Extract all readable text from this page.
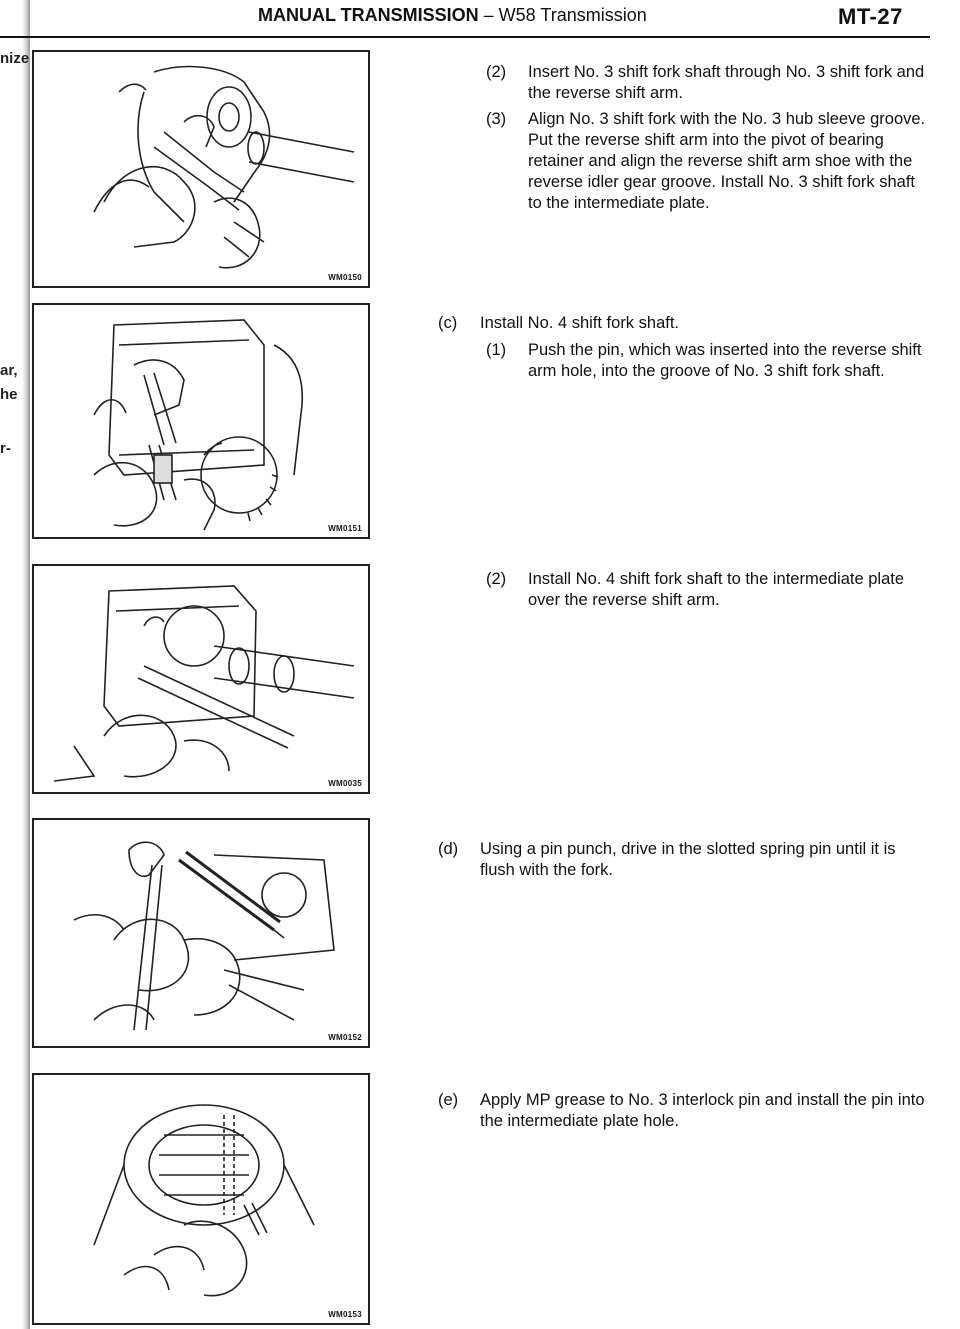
nize
ar,
he
r-
MANUAL TRANSMISSION – W58 Transmission	MT-27
WM0150
WM0151
WM0035
WM0152
WM0153
(2) Insert No. 3 shift fork shaft through No. 3 shift fork and the reverse shift arm.
(3) Align No. 3 shift fork with the No. 3 hub sleeve groove. Put the reverse shift arm into the pivot of bearing retainer and align the reverse shift arm shoe with the reverse idler gear groove. Install No. 3 shift fork shaft to the intermediate plate.
(c) Install No. 4 shift fork shaft.
(1) Push the pin, which was inserted into the reverse shift arm hole, into the groove of No. 3 shift fork shaft.
(2) Install No. 4 shift fork shaft to the intermediate plate over the reverse shift arm.
(d) Using a pin punch, drive in the slotted spring pin until it is flush with the fork.
(e) Apply MP grease to No. 3 interlock pin and install the pin into the intermediate plate hole.
